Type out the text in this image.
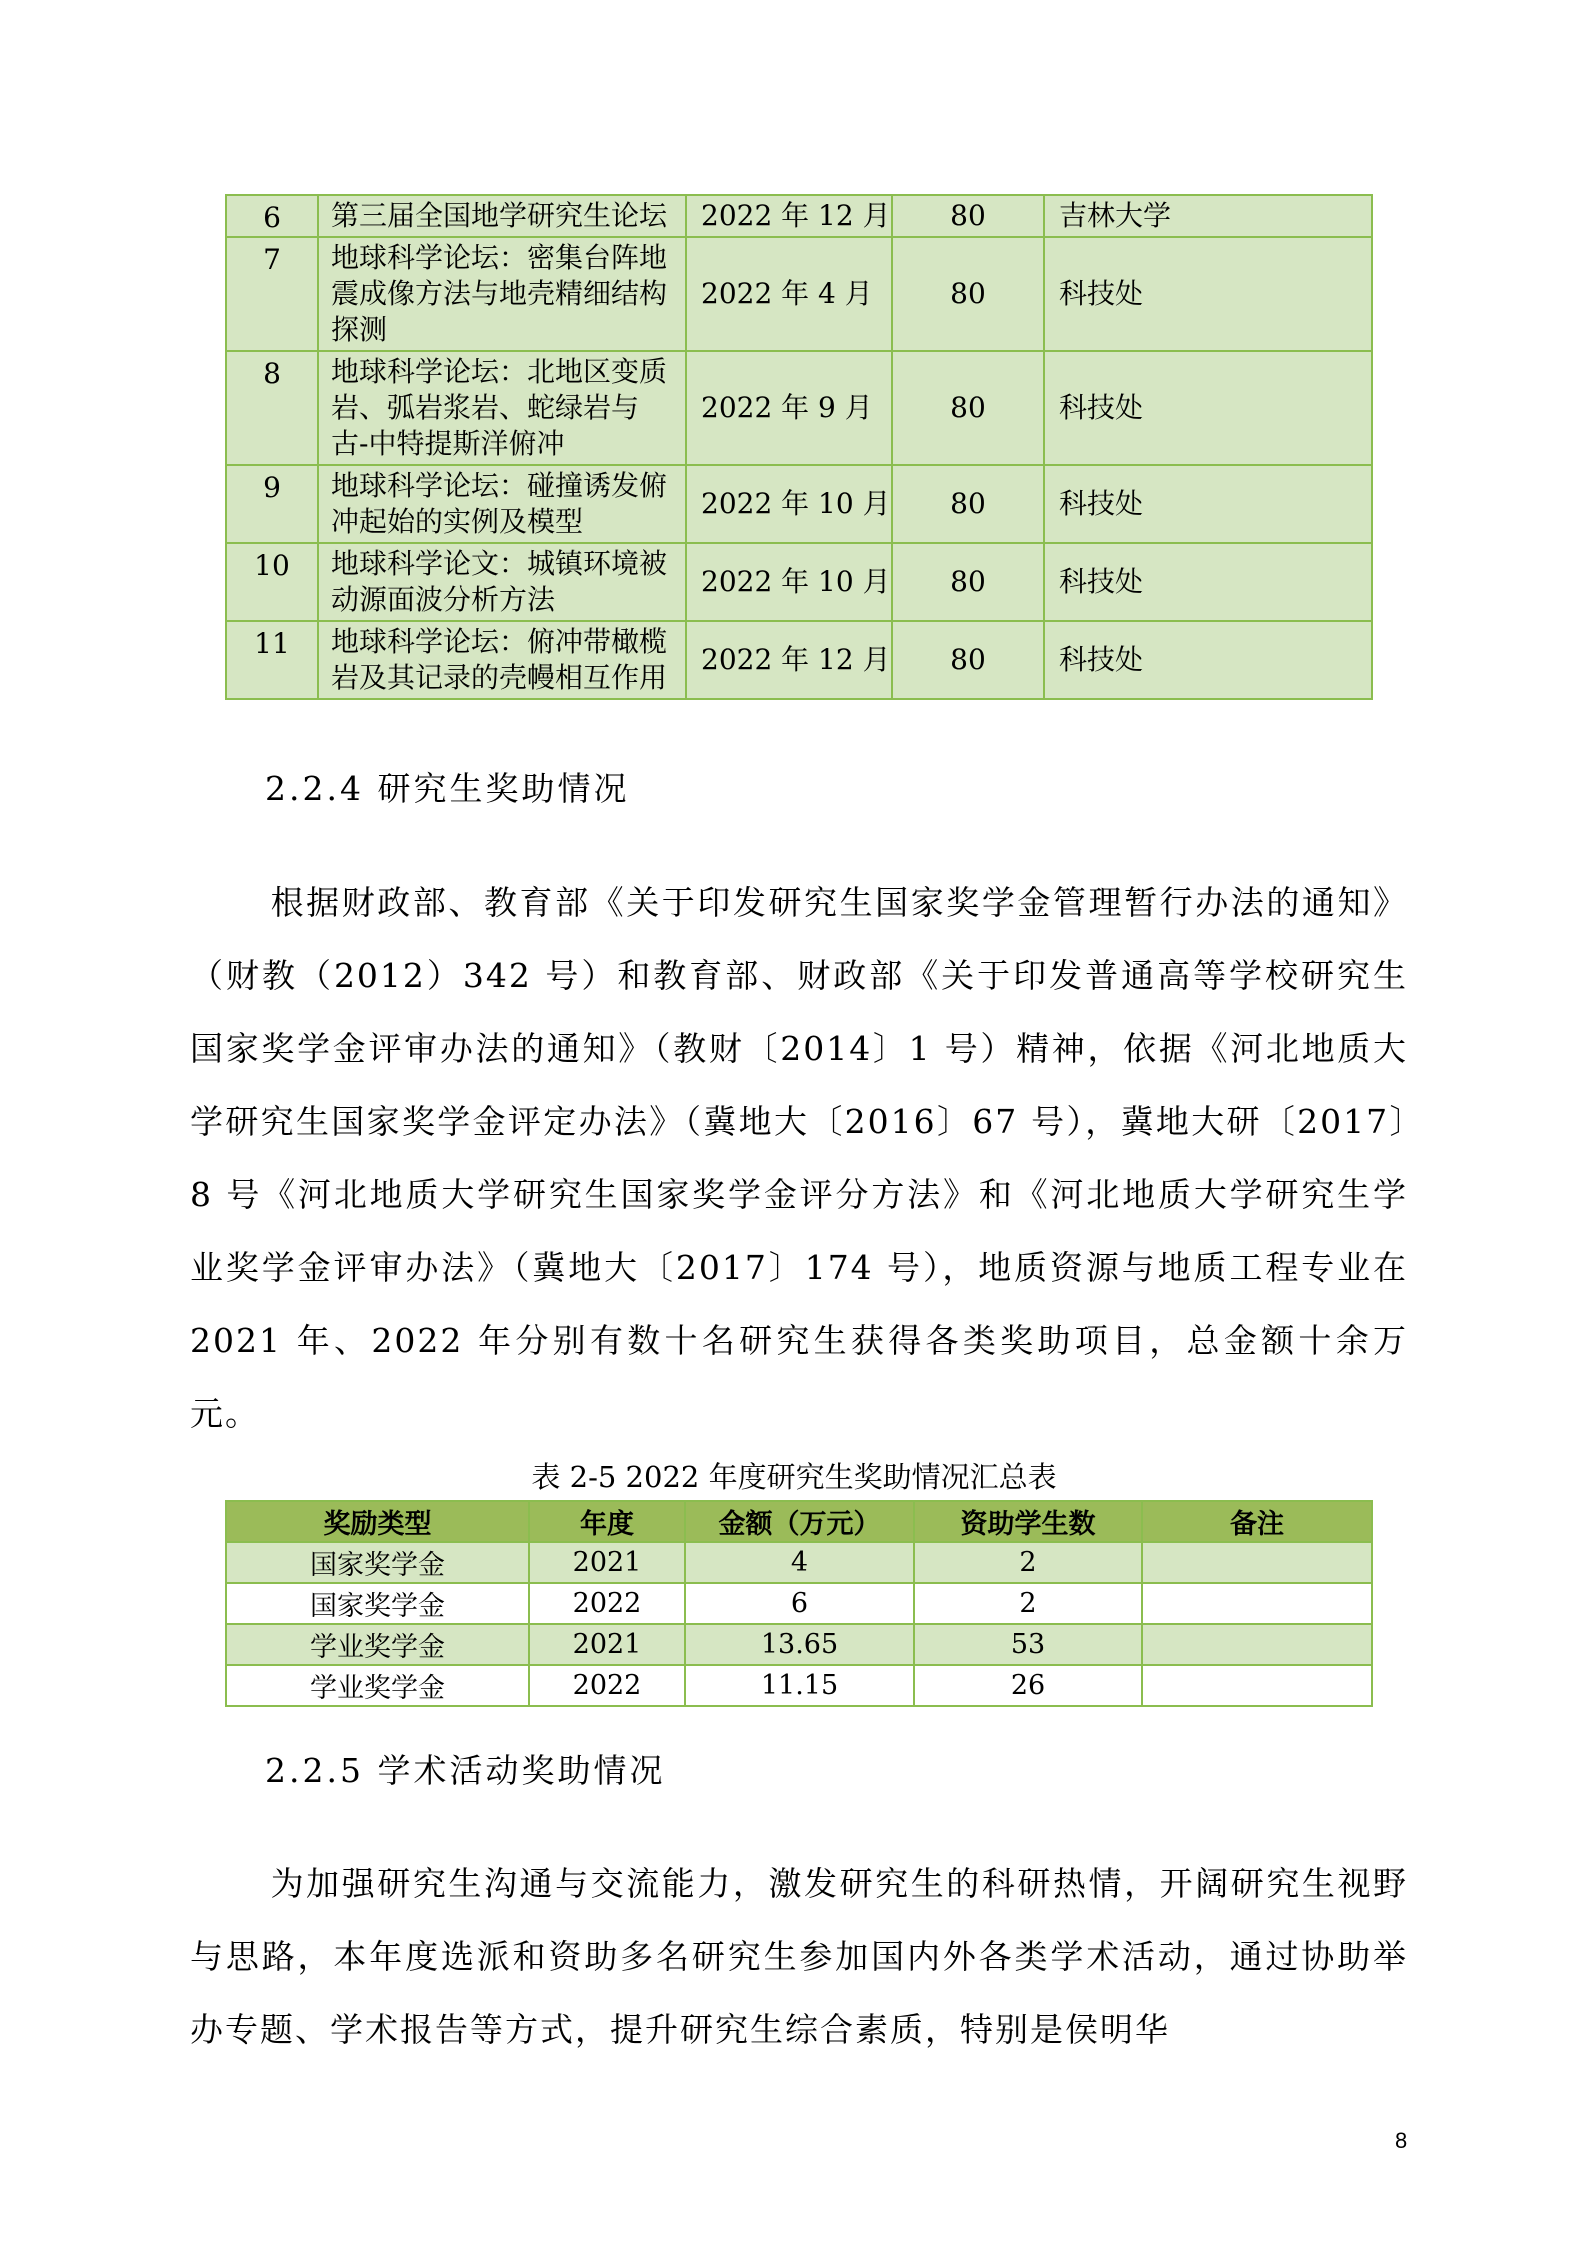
6	第三届全国地学研究生论坛	2022 年 12 月	80	吉林大学
7	地球科学论坛：密集台阵地震成像方法与地壳精细结构探测	2022 年 4 月	80	科技处
8	地球科学论坛：北地区变质岩、弧岩浆岩、蛇绿岩与古-中特提斯洋俯冲	2022 年 9 月	80	科技处
9	地球科学论坛：碰撞诱发俯冲起始的实例及模型	2022 年 10 月	80	科技处
10	地球科学论文：城镇环境被动源面波分析方法	2022 年 10 月	80	科技处
11	地球科学论坛：俯冲带橄榄岩及其记录的壳幔相互作用	2022 年 12 月	80	科技处
2.2.4 研究生奖助情况
根据财政部、教育部《关于印发研究生国家奖学金管理暂行办法的通知》（财教（2012）342 号）和教育部、财政部《关于印发普通高等学校研究生国家奖学金评审办法的通知》（教财〔2014〕1 号）精神，依据《河北地质大学研究生国家奖学金评定办法》（冀地大〔2016〕67 号），冀地大研〔2017〕8 号《河北地质大学研究生国家奖学金评分方法》和《河北地质大学研究生学业奖学金评审办法》（冀地大〔2017〕174 号），地质资源与地质工程专业在 2021 年、2022 年分别有数十名研究生获得各类奖助项目，总金额十余万元。
表 2-5 2022 年度研究生奖助情况汇总表
奖励类型	年度	金额（万元）	资助学生数	备注
国家奖学金	2021	4	2	
国家奖学金	2022	6	2	
学业奖学金	2021	13.65	53	
学业奖学金	2022	11.15	26	
2.2.5 学术活动奖助情况
为加强研究生沟通与交流能力，激发研究生的科研热情，开阔研究生视野与思路，本年度选派和资助多名研究生参加国内外各类学术活动，通过协助举办专题、学术报告等方式，提升研究生综合素质，特别是侯明华
8
